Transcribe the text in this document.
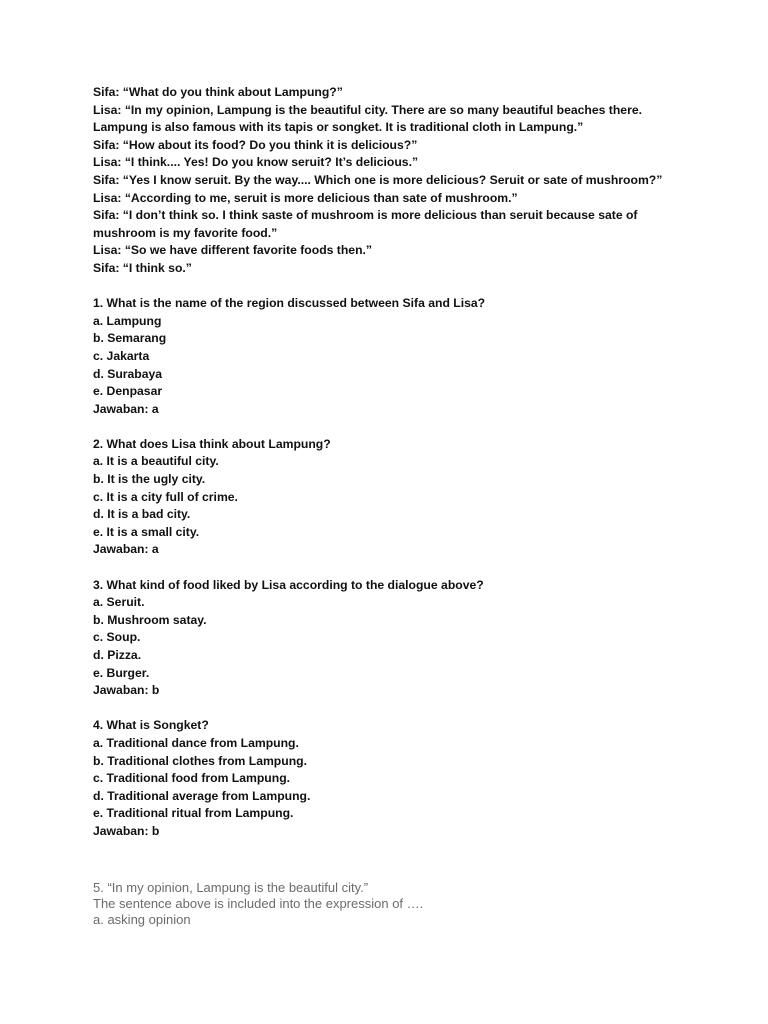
Sifa: “What do you think about Lampung?”
Lisa: “In my opinion, Lampung is the beautiful city. There are so many beautiful beaches there.
Lampung is also famous with its tapis or songket. It is traditional cloth in Lampung.”
Sifa: “How about its food? Do you think it is delicious?”
Lisa: “I think.... Yes! Do you know seruit? It’s delicious.”
Sifa: “Yes I know seruit. By the way.... Which one is more delicious? Seruit or sate of mushroom?”
Lisa: “According to me, seruit is more delicious than sate of mushroom.”
Sifa: “I don’t think so. I think saste of mushroom is more delicious than seruit because sate of
mushroom is my favorite food.”
Lisa: “So we have different favorite foods then.”
Sifa: “I think so.”
1. What is the name of the region discussed between Sifa and Lisa?
a. Lampung
b. Semarang
c. Jakarta
d. Surabaya
e. Denpasar
Jawaban: a
2. What does Lisa think about Lampung?
a. It is a beautiful city.
b. It is the ugly city.
c. It is a city full of crime.
d. It is a bad city.
e. It is a small city.
Jawaban: a
3. What kind of food liked by Lisa according to the dialogue above?
a. Seruit.
b. Mushroom satay.
c. Soup.
d. Pizza.
e. Burger.
Jawaban: b
4. What is Songket?
a. Traditional dance from Lampung.
b. Traditional clothes from Lampung.
c. Traditional food from Lampung.
d. Traditional average from Lampung.
e. Traditional ritual from Lampung.
Jawaban: b
5. “In my opinion, Lampung is the beautiful city.”
The sentence above is included into the expression of ….
a. asking opinion
